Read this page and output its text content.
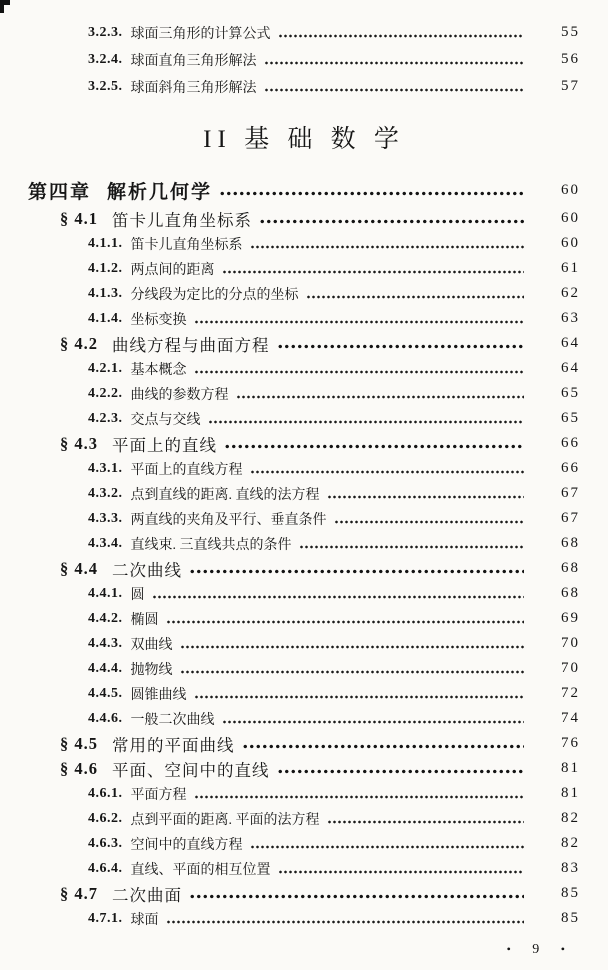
3.2.3. 球面三角形的计算公式	55
3.2.4. 球面直角三角形解法	56
3.2.5. 球面斜角三角形解法	57
II 基 础 数 学
第四章 解析几何学	60
§ 4.1 笛卡儿直角坐标系	60
4.1.1. 笛卡儿直角坐标系	60
4.1.2. 两点间的距离	61
4.1.3. 分线段为定比的分点的坐标	62
4.1.4. 坐标变换	63
§ 4.2 曲线方程与曲面方程	64
4.2.1. 基本概念	64
4.2.2. 曲线的参数方程	65
4.2.3. 交点与交线	65
§ 4.3 平面上的直线	66
4.3.1. 平面上的直线方程	66
4.3.2. 点到直线的距离. 直线的法方程	67
4.3.3. 两直线的夹角及平行、垂直条件	67
4.3.4. 直线束. 三直线共点的条件	68
§ 4.4 二次曲线	68
4.4.1. 圆	68
4.4.2. 椭圆	69
4.4.3. 双曲线	70
4.4.4. 抛物线	70
4.4.5. 圆锥曲线	72
4.4.6. 一般二次曲线	74
§ 4.5 常用的平面曲线	76
§ 4.6 平面、空间中的直线	81
4.6.1. 平面方程	81
4.6.2. 点到平面的距离. 平面的法方程	82
4.6.3. 空间中的直线方程	82
4.6.4. 直线、平面的相互位置	83
§ 4.7 二次曲面	85
4.7.1. 球面	85
• 9 •
